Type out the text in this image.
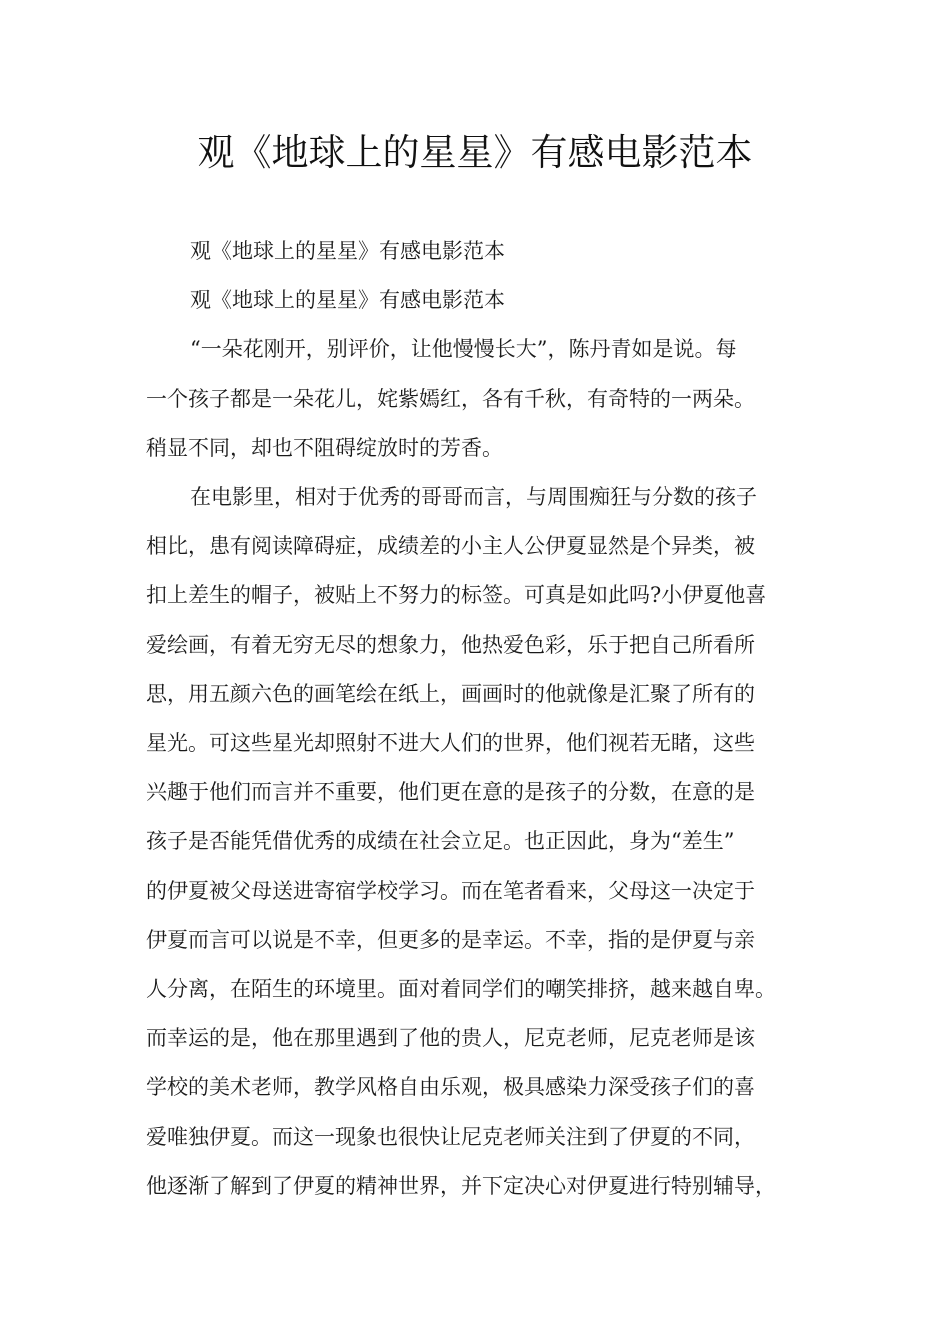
观《地球上的星星》有感电影范本

观《地球上的星星》有感电影范本

观《地球上的星星》有感电影范本

“一朵花刚开，别评价，让他慢慢长大”，陈丹青如是说。每

一个孩子都是一朵花儿，姹紫嫣红，各有千秋，有奇特的一两朵。

稍显不同，却也不阻碍绽放时的芳香。

在电影里，相对于优秀的哥哥而言，与周围痴狂与分数的孩子

相比，患有阅读障碍症，成绩差的小主人公伊夏显然是个异类，被

扣上差生的帽子，被贴上不努力的标签。可真是如此吗?小伊夏他喜

爱绘画，有着无穷无尽的想象力，他热爱色彩，乐于把自己所看所

思，用五颜六色的画笔绘在纸上，画画时的他就像是汇聚了所有的

星光。可这些星光却照射不进大人们的世界，他们视若无睹，这些

兴趣于他们而言并不重要，他们更在意的是孩子的分数，在意的是

孩子是否能凭借优秀的成绩在社会立足。也正因此，身为“差生”

的伊夏被父母送进寄宿学校学习。而在笔者看来，父母这一决定于

伊夏而言可以说是不幸，但更多的是幸运。不幸，指的是伊夏与亲

人分离，在陌生的环境里。面对着同学们的嘲笑排挤，越来越自卑。

而幸运的是，他在那里遇到了他的贵人，尼克老师，尼克老师是该

学校的美术老师，教学风格自由乐观，极具感染力深受孩子们的喜

爱唯独伊夏。而这一现象也很快让尼克老师关注到了伊夏的不同，

他逐渐了解到了伊夏的精神世界，并下定决心对伊夏进行特别辅导，
